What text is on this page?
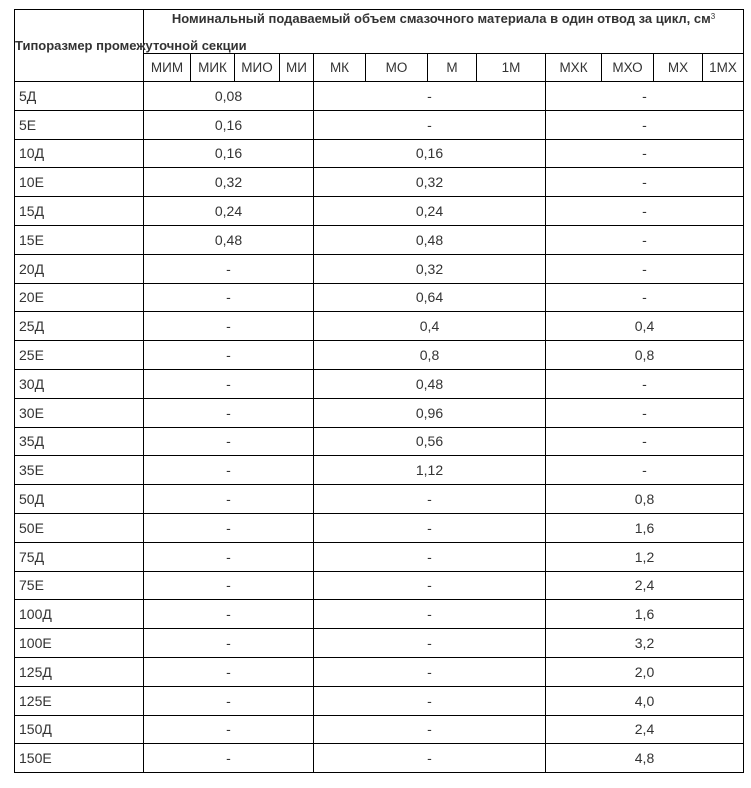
Типоразмер промежуточной секции	Номинальный подаваемый объем смазочного материала в один отвод за цикл, $см^3$
МИМ	МИК	МИО	МИ	МК	МО	М	1М	МХК	МХО	МХ	1МХ
5Д	0,08	-	-
5Е	0,16	-	-
10Д	0,16	0,16	-
10Е	0,32	0,32	-
15Д	0,24	0,24	-
15Е	0,48	0,48	-
20Д	-	0,32	-
20Е	-	0,64	-
25Д	-	0,4	0,4
25Е	-	0,8	0,8
30Д	-	0,48	-
30Е	-	0,96	-
35Д	-	0,56	-
35Е	-	1,12	-
50Д	-	-	0,8
50Е	-	-	1,6
75Д	-	-	1,2
75Е	-	-	2,4
100Д	-	-	1,6
100Е	-	-	3,2
125Д	-	-	2,0
125Е	-	-	4,0
150Д	-	-	2,4
150Е	-	-	4,8
